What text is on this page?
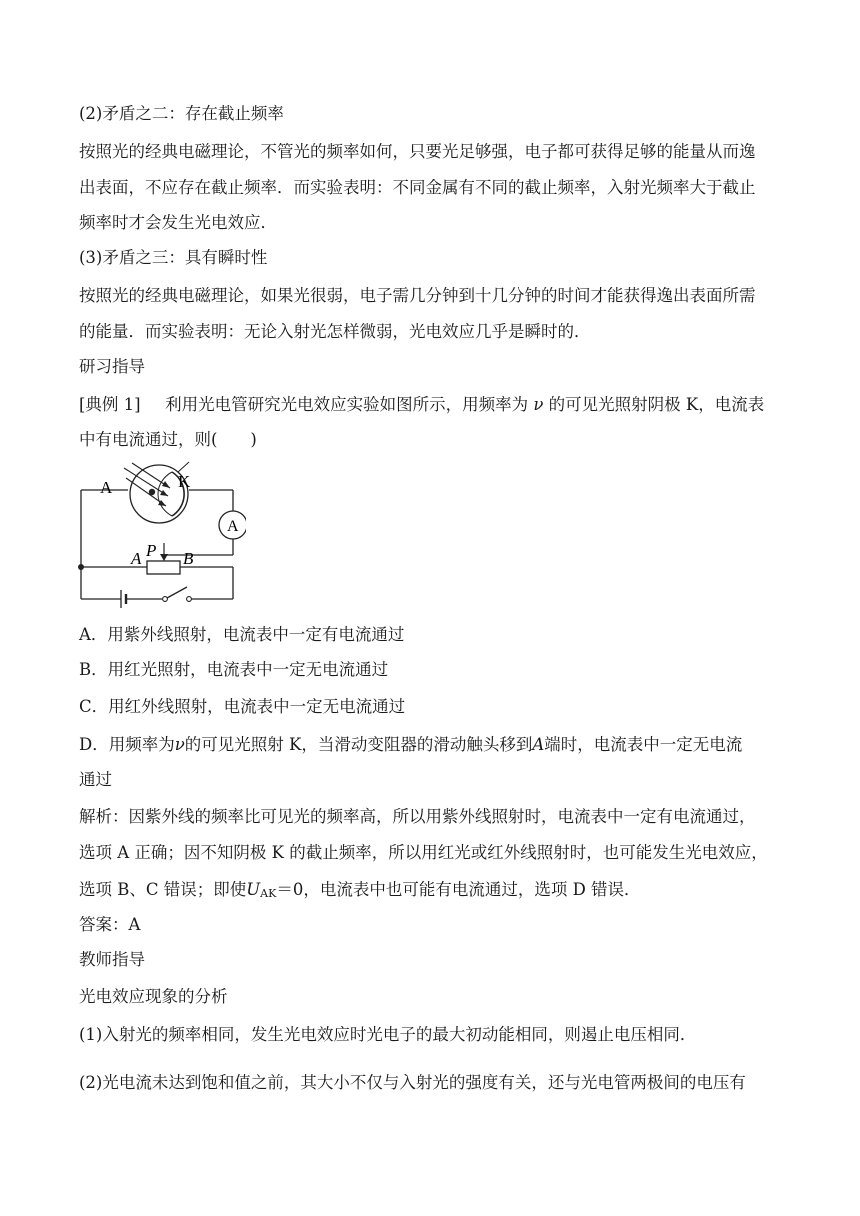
(2)矛盾之二：存在截止频率
按照光的经典电磁理论，不管光的频率如何，只要光足够强，电子都可获得足够的能量从而逸
出表面，不应存在截止频率．而实验表明：不同金属有不同的截止频率，入射光频率大于截止
频率时才会发生光电效应．
(3)矛盾之三：具有瞬时性
按照光的经典电磁理论，如果光很弱，电子需几分钟到十几分钟的时间才能获得逸出表面所需
的能量．而实验表明：无论入射光怎样微弱，光电效应几乎是瞬时的．
研习指导
[典例 1] 利用光电管研究光电效应实验如图所示，用频率为 ν 的可见光照射阴极 K，电流表
中有电流通过，则(　　)
A	K
A
P
A B
A．用紫外线照射，电流表中一定有电流通过
B．用红光照射，电流表中一定无电流通过
C．用红外线照射，电流表中一定无电流通过
D．用频率为ν的可见光照射 K，当滑动变阻器的滑动触头移到A端时，电流表中一定无电流
通过
解析：因紫外线的频率比可见光的频率高，所以用紫外线照射时，电流表中一定有电流通过，
选项 A 正确；因不知阴极 K 的截止频率，所以用红光或红外线照射时，也可能发生光电效应，
选项 B、C 错误；即使$U_{AK}=0$，电流表中也可能有电流通过，选项 D 错误．
答案：A
教师指导
光电效应现象的分析
(1)入射光的频率相同，发生光电效应时光电子的最大初动能相同，则遏止电压相同．
(2)光电流未达到饱和值之前，其大小不仅与入射光的强度有关，还与光电管两极间的电压有
